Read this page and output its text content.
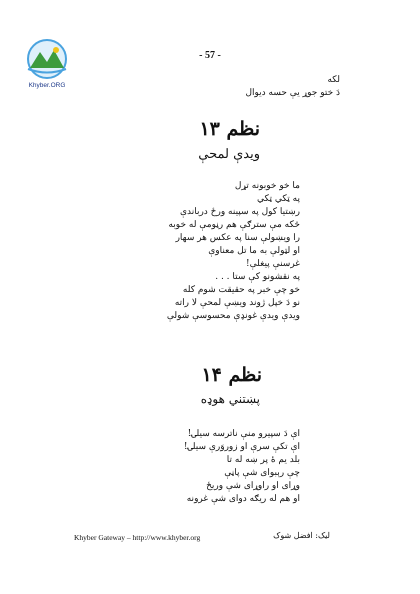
Khyber.ORG
- 57 -
لکه
دَ ختو جوړ يې حسه ديوال
نظم ۱۳
ويدې لمحې
ما خو خوبونه تړل
په ټکي ټکي
رښتيا کول په سپينه ورځ درباندې
څکه مې سترګې هم رڼومې له خوبه
را ويښولې سنا په عکس هر سهار
او لټولې به ما تل معناوې
غرسنې پيغلې!
په نقشونو کې ستا . . .
خو چې خبر په حقيقت شوم کله
نو دَ خپل ژوند ويښې لمحې لا راته
ويدې ويدې غونډې محسوسې شولې
نظم ۱۴
پښتني هوډه
اې دَ سپيرو منې ناترسه سيلۍ!
اې تکې سرې او زوروَرې سيلۍ!
بلد يم ۀ پر ښه له تا
چې رېبوای شې پاڼې
وړای او راوړای شې وريځ
او هم له ريګه دوای شې غرونه
Khyber Gateway – http://www.khyber.org	ليک: افضل شوک
